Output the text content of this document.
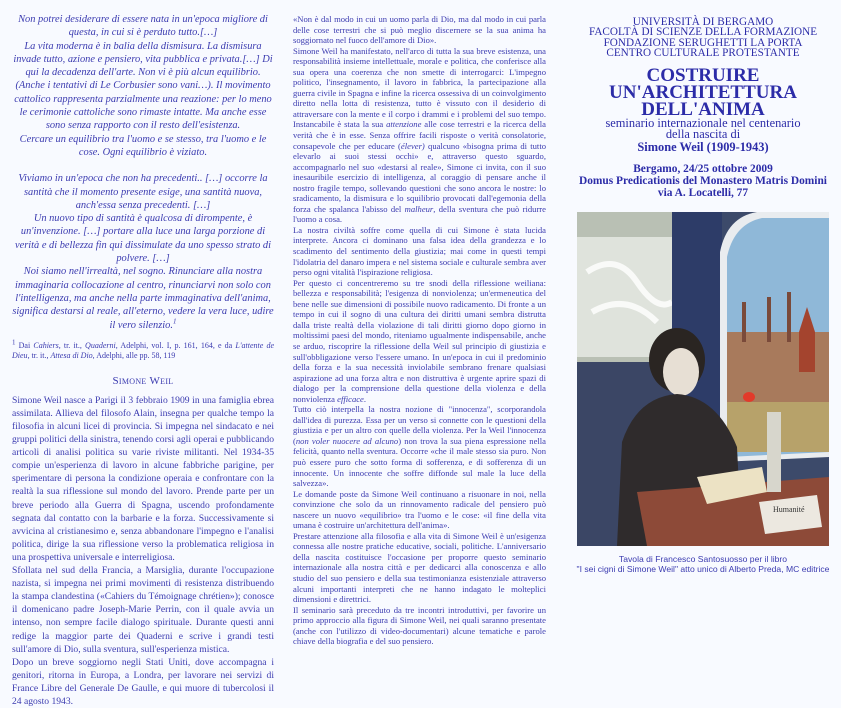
Non potrei desiderare di essere nata in un'epoca migliore di questa, in cui si è perduto tutto.[…]

La vita moderna è in balia della dismisura. La dismisura invade tutto, azione e pensiero, vita pubblica e privata.[…] Di qui la decadenza dell'arte. Non vi è più alcun equilibrio. (Anche i tentativi di Le Corbusier sono vani…). Il movimento cattolico rappresenta parzialmente una reazione: per lo meno le cerimonie cattoliche sono rimaste intatte. Ma anche esse sono senza rapporto con il resto dell'esistenza.

Cercare un equilibrio tra l'uomo e se stesso, tra l'uomo e le cose. Ogni equilibrio è viziato.

Viviamo in un'epoca che non ha precedenti.. […] occorre la santità che il momento presente esige, una santità nuova, anch'essa senza precedenti. […]

Un nuovo tipo di santità è qualcosa di dirompente, è un'invenzione. […] portare alla luce una larga porzione di verità e di bellezza fin qui dissimulate da uno spesso strato di polvere. […]

Noi siamo nell'irrealtà, nel sogno. Rinunciare alla nostra immaginaria collocazione al centro, rinunciarvi non solo con l'intelligenza, ma anche nella parte immaginativa dell'anima, significa destarsi al reale, all'eterno, vedere la vera luce, udire il vero silenzio.$^1$

$^1$ Dai Cahiers, tr. it., Quaderni, Adelphi, vol. I, p. 161, 164, e da L'attente de Dieu, tr. it., Attesa di Dio, Adelphi, alle pp. 58, 119
Simone Weil

Simone Weil nasce a Parigi il 3 febbraio 1909 in una famiglia ebrea assimilata. Allieva del filosofo Alain, insegna per qualche tempo la filosofia in alcuni licei di provincia. Si impegna nel sindacato e nei gruppi politici della sinistra, tenendo corsi agli operai e pubblicando articoli di analisi politica su varie riviste militanti. Nel 1934-35 compie un'esperienza di lavoro in alcune fabbriche parigine, per sperimentare di persona la condizione operaia e confrontare con la realtà la sua riflessione sul mondo del lavoro. Prende parte per un breve periodo alla Guerra di Spagna, uscendo profondamente segnata dal contatto con la barbarie e la forza. Successivamente si avvicina al cristianesimo e, senza abbandonare l'impegno e l'analisi politica, dirige la sua riflessione verso la problematica religiosa in una prospettiva universale e interreligiosa.

Sfollata nel sud della Francia, a Marsiglia, durante l'occupazione nazista, si impegna nei primi movimenti di resistenza distribuendo la stampa clandestina («Cahiers du Témoignage chrétien»); conosce il domenicano padre Joseph-Marie Perrin, con il quale avvia un intenso, non sempre facile dialogo spirituale. Durante questi anni redige la maggior parte dei Quaderni e scrive i grandi testi sull'amore di Dio, sulla sventura, sull'esperienza mistica.

Dopo un breve soggiorno negli Stati Uniti, dove accompagna i genitori, ritorna in Europa, a Londra, per lavorare nei servizi di France Libre del Generale De Gaulle, e qui muore di tubercolosi il 24 agosto 1943.

«Non è dal modo in cui un uomo parla di Dio, ma dal modo in cui parla delle cose terrestri che si può meglio discernere se la sua anima ha soggiornato nel fuoco dell'amore di Dio».

Simone Weil ha manifestato, nell'arco di tutta la sua breve esistenza, una responsabilità insieme intellettuale, morale e politica, che conferisce alla sua opera una coerenza che non smette di interrogarci: L'impegno politico, l'insegnamento, il lavoro in fabbrica, la partecipazione alla guerra civile in Spagna e infine la ricerca ossessiva di un coinvolgimento diretto nella lotta di resistenza, tutto è vissuto con il desiderio di attraversare con la mente e il corpo i drammi e i problemi del suo tempo. Instancabile è stata la sua attenzione alle cose terrestri e la ricerca della verità che è in esse. Senza offrire facili risposte o verità consolatorie, consapevole che per educare (élever) qualcuno «bisogna prima di tutto elevarlo ai suoi stessi occhi» e, attraverso questo sguardo, accompagnarlo nel suo «destarsi al reale», Simone ci invita, con il suo inesauribile esercizio di intelligenza, al coraggio di pensare anche il nostro fragile tempo, sollevando questioni che sono ancora le nostre: lo sradicamento, la dismisura e lo squilibrio provocati dall'egemonia della forza che spalanca l'abisso del malheur, della sventura che può ridurre l'uomo a cosa.

La nostra civiltà soffre come quella di cui Simone è stata lucida interprete. Ancora ci dominano una falsa idea della grandezza e lo scadimento del sentimento della giustizia; mai come in questi tempi l'idolatria del danaro impera e nel sistema sociale e culturale sembra aver perso ogni vitalità l'ispirazione religiosa.

Per questo ci concentreremo su tre snodi della riflessione weiliana: bellezza e responsabilità; l'esigenza di nonviolenza; un'ermeneutica del bene nelle sue dimensioni di possibile nuovo radicamento. Di fronte a un tempo in cui il sogno di una cultura dei diritti umani sembra distrutta dalla triste realtà della violazione di tali diritti giorno dopo giorno in moltissimi paesi del mondo, riteniamo ugualmente indispensabile, anche se arduo, riscoprire la riflessione della Weil sul principio di giustizia e sull'obbligazione verso l'essere umano. In un'epoca in cui il predominio della forza e la sua necessità inviolabile sembrano frenare qualsiasi aspirazione ad una forza altra e non distruttiva è urgente aprire spazi di dialogo per la comprensione della questione della violenza e della nonviolenza efficace.

Tutto ciò interpella la nostra nozione di "innocenza", scorporandola dall'idea di purezza. Essa per un verso si connette con le questioni della giustizia e per un altro con quelle della violenza. Per la Weil l'innocenza (non voler nuocere ad alcuno) non trova la sua piena espressione nella felicità, quanto nella sventura. Occorre «che il male stesso sia puro. Non può essere puro che sotto forma di sofferenza, e di sofferenza di un innocente. Un innocente che soffre diffonde sul male la luce della salvezza».

Le domande poste da Simone Weil continuano a risuonare in noi, nella convinzione che solo da un rinnovamento radicale del pensiero può nascere un nuovo «equilibrio» tra l'uomo e le cose: «il fine della vita umana è costruire un'architettura dell'anima».

Prestare attenzione alla filosofia e alla vita di Simone Weil è un'esigenza connessa alle nostre pratiche educative, sociali, politiche. L'anniversario della nascita costituisce l'occasione per proporre questo seminario internazionale alla nostra città e per dedicarci alla conoscenza e allo studio del suo pensiero e della sua testimonianza esistenziale attraverso alcuni importanti interpreti che ne hanno indagato le molteplici dimensioni e direttrici.

Il seminario sarà preceduto da tre incontri introduttivi, per favorire un primo approccio alla figura di Simone Weil, nei quali saranno presentate (anche con l'utilizzo di video-documentari) alcune tematiche e parole chiave della biografia e del suo pensiero.

UNIVERSITÀ DI BERGAMO
FACOLTÀ DI SCIENZE DELLA FORMAZIONE
FONDAZIONE SERUGHETTI LA PORTA
CENTRO CULTURALE PROTESTANTE
COSTRUIRE
UN'ARCHITETTURA
DELL'ANIMA
seminario internazionale nel centenario
della nascita di
Simone Weil (1909-1943)
Bergamo, 24/25 ottobre 2009
Domus Predicationis del Monastero Matris Domini
via A. Locatelli, 77
Humanité
Tavola di Francesco Santosuosso per il libro
"I sei cigni di Simone Weil" atto unico di Alberto Preda, MC editrice
